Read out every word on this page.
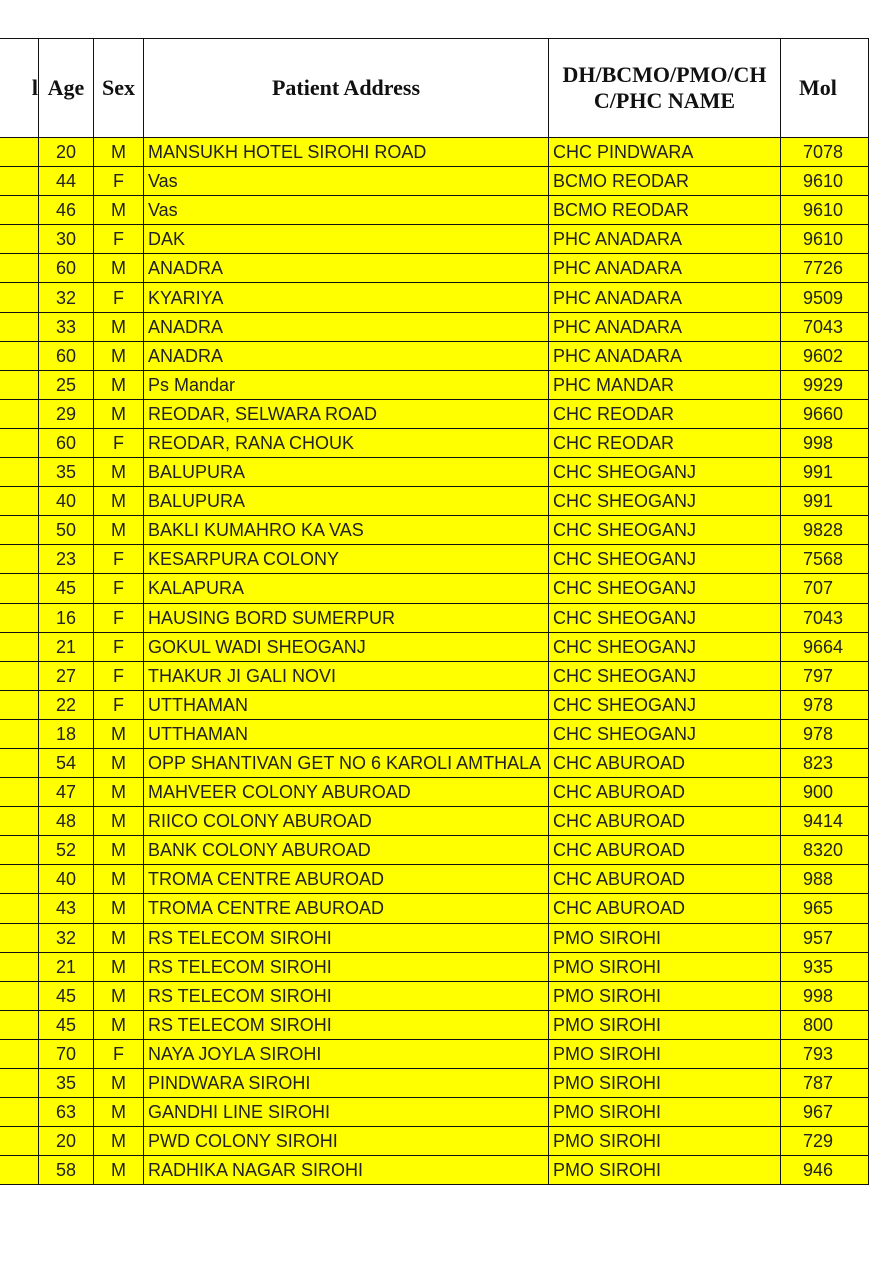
l	Age	Sex	Patient Address	DH/BCMO/PMO/CH C/PHC NAME	Mol
	20	M	MANSUKH HOTEL SIROHI ROAD	CHC PINDWARA	7078
	44	F	Vas	BCMO REODAR	9610
	46	M	Vas	BCMO REODAR	9610
	30	F	DAK	PHC ANADARA	9610
	60	M	ANADRA	PHC ANADARA	7726
	32	F	KYARIYA	PHC ANADARA	9509
	33	M	ANADRA	PHC ANADARA	7043
	60	M	ANADRA	PHC ANADARA	9602
	25	M	Ps Mandar	PHC MANDAR	9929
	29	M	REODAR, SELWARA ROAD	CHC REODAR	9660
	60	F	REODAR, RANA CHOUK	CHC REODAR	998
	35	M	BALUPURA	CHC SHEOGANJ	991
	40	M	BALUPURA	CHC SHEOGANJ	991
	50	M	BAKLI KUMAHRO KA VAS	CHC SHEOGANJ	9828
	23	F	KESARPURA COLONY	CHC SHEOGANJ	7568
	45	F	KALAPURA	CHC SHEOGANJ	707
	16	F	HAUSING BORD SUMERPUR	CHC SHEOGANJ	7043
	21	F	GOKUL WADI SHEOGANJ	CHC SHEOGANJ	9664
	27	F	THAKUR JI GALI NOVI	CHC SHEOGANJ	797
	22	F	UTTHAMAN	CHC SHEOGANJ	978
	18	M	UTTHAMAN	CHC SHEOGANJ	978
	54	M	OPP SHANTIVAN GET NO 6 KAROLI AMTHALA	CHC ABUROAD	823
	47	M	MAHVEER COLONY ABUROAD	CHC ABUROAD	900
	48	M	RIICO COLONY ABUROAD	CHC ABUROAD	9414
	52	M	BANK COLONY ABUROAD	CHC ABUROAD	8320
	40	M	TROMA CENTRE ABUROAD	CHC ABUROAD	988
	43	M	TROMA CENTRE ABUROAD	CHC ABUROAD	965
	32	M	RS TELECOM SIROHI	PMO SIROHI	957
	21	M	RS TELECOM SIROHI	PMO SIROHI	935
	45	M	RS TELECOM SIROHI	PMO SIROHI	998
	45	M	RS TELECOM SIROHI	PMO SIROHI	800
	70	F	NAYA JOYLA SIROHI	PMO SIROHI	793
	35	M	PINDWARA SIROHI	PMO SIROHI	787
	63	M	GANDHI LINE SIROHI	PMO SIROHI	967
	20	M	PWD COLONY SIROHI	PMO SIROHI	729
	58	M	RADHIKA NAGAR SIROHI	PMO SIROHI	946
